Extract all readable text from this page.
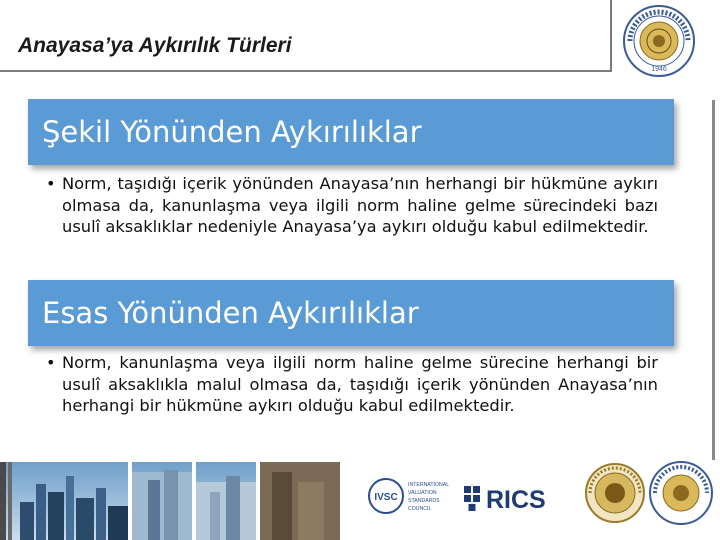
Anayasa’ya Aykırılık Türleri
1946
Şekil Yönünden Aykırılıklar
• Norm, taşıdığı içerik yönünden Anayasa’nın herhangi bir hükmüne aykırı olmasa da, kanunlaşma veya ilgili norm haline gelme sürecindeki bazı usulî aksaklıklar nedeniyle Anayasa’ya aykırı olduğu kabul edilmektedir.
Esas Yönünden Aykırılıklar
• Norm, kanunlaşma veya ilgili norm haline gelme sürecine herhangi bir usulî aksaklıkla malul olmasa da, taşıdığı içerik yönünden Anayasa’nın herhangi bir hükmüne aykırı olduğu kabul edilmektedir.
IVSC
INTERNATIONAL
VALUATION
STANDARDS
COUNCIL RICS
